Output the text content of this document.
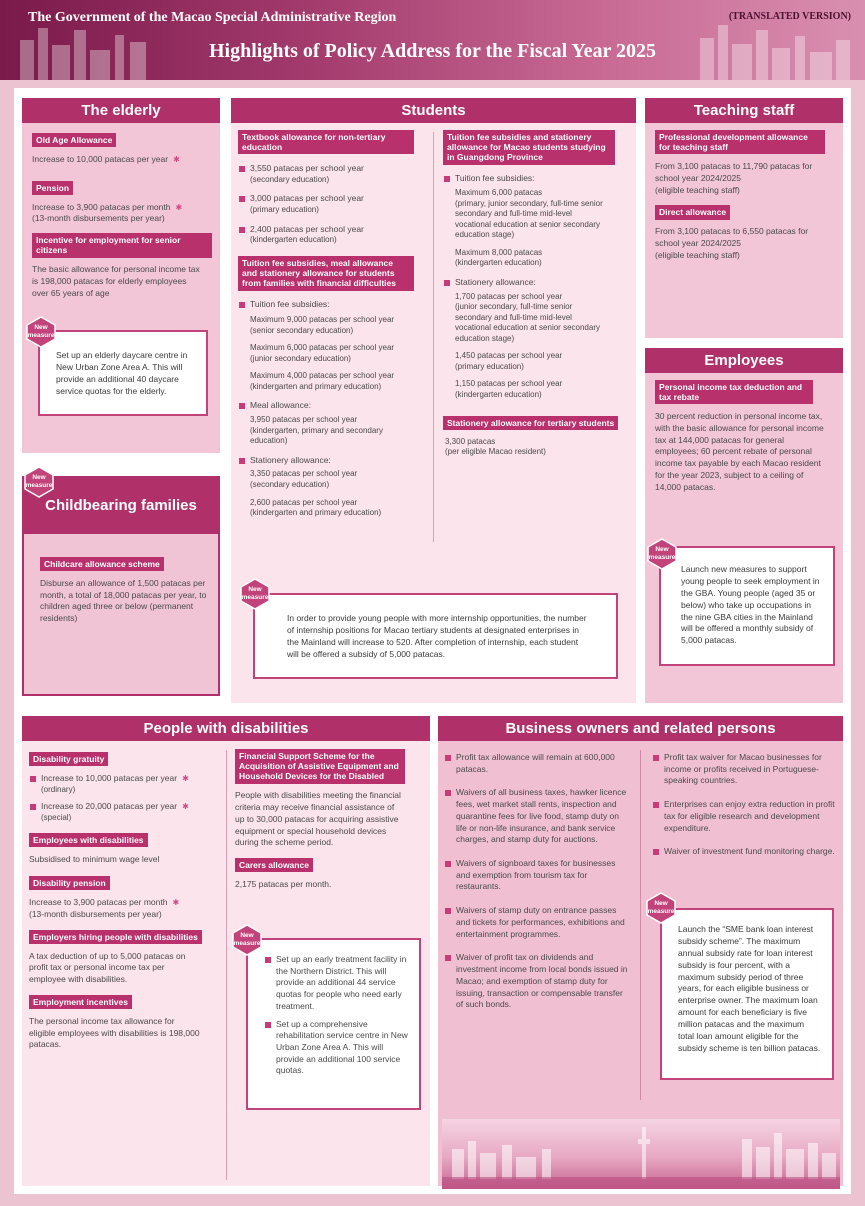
The Government of the Macao Special Administrative Region	(TRANSLATED VERSION)
Highlights of Policy Address for the Fiscal Year 2025
The elderly
Old Age Allowance
Increase to 10,000 patacas per year ✱
Pension
Increase to 3,900 patacas per month ✱
(13-month disbursements per year)
Incentive for employment for senior citizens
The basic allowance for personal income tax is 198,000 patacas for elderly employees over 65 years of age
Set up an elderly daycare centre in New Urban Zone Area A. This will provide an additional 40 daycare service quotas for the elderly.
New
measure
Childbearing families
Childcare allowance scheme
Disburse an allowance of 1,500 patacas per month, a total of 18,000 patacas per year, to children aged three or below (permanent residents)
New
measure
Students
Textbook allowance for non-tertiary education
3,550 patacas per school year
(secondary education)
3,000 patacas per school year
(primary education)
2,400 patacas per school year
(kindergarten education)
Tuition fee subsidies, meal allowance and stationery allowance for students from families with financial difficulties
Tuition fee subsidies:
Maximum 9,000 patacas per school year
(senior secondary education)
Maximum 6,000 patacas per school year
(junior secondary education)
Maximum 4,000 patacas per school year
(kindergarten and primary education)
Meal allowance:
3,950 patacas per school year
(kindergarten, primary and secondary
education)
Stationery allowance:
3,350 patacas per school year
(secondary education)
2,600 patacas per school year
(kindergarten and primary education)
Tuition fee subsidies and stationery allowance for Macao students studying in Guangdong Province
Tuition fee subsidies:
Maximum 6,000 patacas
(primary, junior secondary, full-time senior
secondary and full-time mid-level
vocational education at senior secondary
education stage)
Maximum 8,000 patacas
(kindergarten education)
Stationery allowance:
1,700 patacas per school year
(junior secondary, full-time senior
secondary and full-time mid-level
vocational education at senior secondary
education stage)
1,450 patacas per school year
(primary education)
1,150 patacas per school year
(kindergarten education)
Stationery allowance for tertiary students
3,300 patacas
(per eligible Macao resident)
In order to provide young people with more internship opportunities, the number of internship positions for Macao tertiary students at designated enterprises in the Mainland will increase to 520. After completion of internship, each student will be offered a subsidy of 5,000 patacas.
New
measure
Teaching staff
Professional development allowance for teaching staff
From 3,100 patacas to 11,790 patacas for
school year 2024/2025
(eligible teaching staff)
Direct allowance
From 3,100 patacas to 6,550 patacas for
school year 2024/2025
(eligible teaching staff)
Employees
Personal income tax deduction and tax rebate
30 percent reduction in personal income tax, with the basic allowance for personal income tax at 144,000 patacas for general employees; 60 percent rebate of personal income tax payable by each Macao resident for the year 2023, subject to a ceiling of 14,000 patacas.
Launch new measures to support young people to seek employment in the GBA. Young people (aged 35 or below) who take up occupations in the nine GBA cities in the Mainland will be offered a monthly subsidy of 5,000 patacas.
New
measure
People with disabilities
Disability gratuity
Increase to 10,000 patacas per year ✱
(ordinary)
Increase to 20,000 patacas per year ✱
(special)
Employees with disabilities
Subsidised to minimum wage level
Disability pension
Increase to 3,900 patacas per month ✱
(13-month disbursements per year)
Employers hiring people with disabilities
A tax deduction of up to 5,000 patacas on profit tax or personal income tax per employee with disabilities.
Employment incentives
The personal income tax allowance for eligible employees with disabilities is 198,000 patacas.
Financial Support Scheme for the Acquisition of Assistive Equipment and Household Devices for the Disabled
People with disabilities meeting the financial criteria may receive financial assistance of up to 30,000 patacas for acquiring assistive equipment or special household devices during the scheme period.
Carers allowance
2,175 patacas per month.
Set up an early treatment facility in the Northern District. This will provide an additional 44 service quotas for people who need early treatment.
Set up a comprehensive rehabilitation service centre in New Urban Zone Area A. This will provide an additional 100 service quotas.
New
measure
Business owners and related persons
Profit tax allowance will remain at 600,000 patacas.
Waivers of all business taxes, hawker licence fees, wet market stall rents, inspection and quarantine fees for live food, stamp duty on life or non-life insurance, and bank service charges, and stamp duty for auctions.
Waivers of signboard taxes for businesses and exemption from tourism tax for restaurants.
Waivers of stamp duty on entrance passes and tickets for performances, exhibitions and entertainment programmes.
Waiver of profit tax on dividends and investment income from local bonds issued in Macao; and exemption of stamp duty for issuing, transaction or compensable transfer of such bonds.
Profit tax waiver for Macao businesses for income or profits received in Portuguese-speaking countries.
Enterprises can enjoy extra reduction in profit tax for eligible research and development expenditure.
Waiver of investment fund monitoring charge.
Launch the “SME bank loan interest subsidy scheme”. The maximum annual subsidy rate for loan interest subsidy is four percent, with a maximum subsidy period of three years, for each eligible business or enterprise owner. The maximum loan amount for each beneficiary is five million patacas and the maximum total loan amount eligible for the subsidy scheme is ten billion patacas.
New
measure
